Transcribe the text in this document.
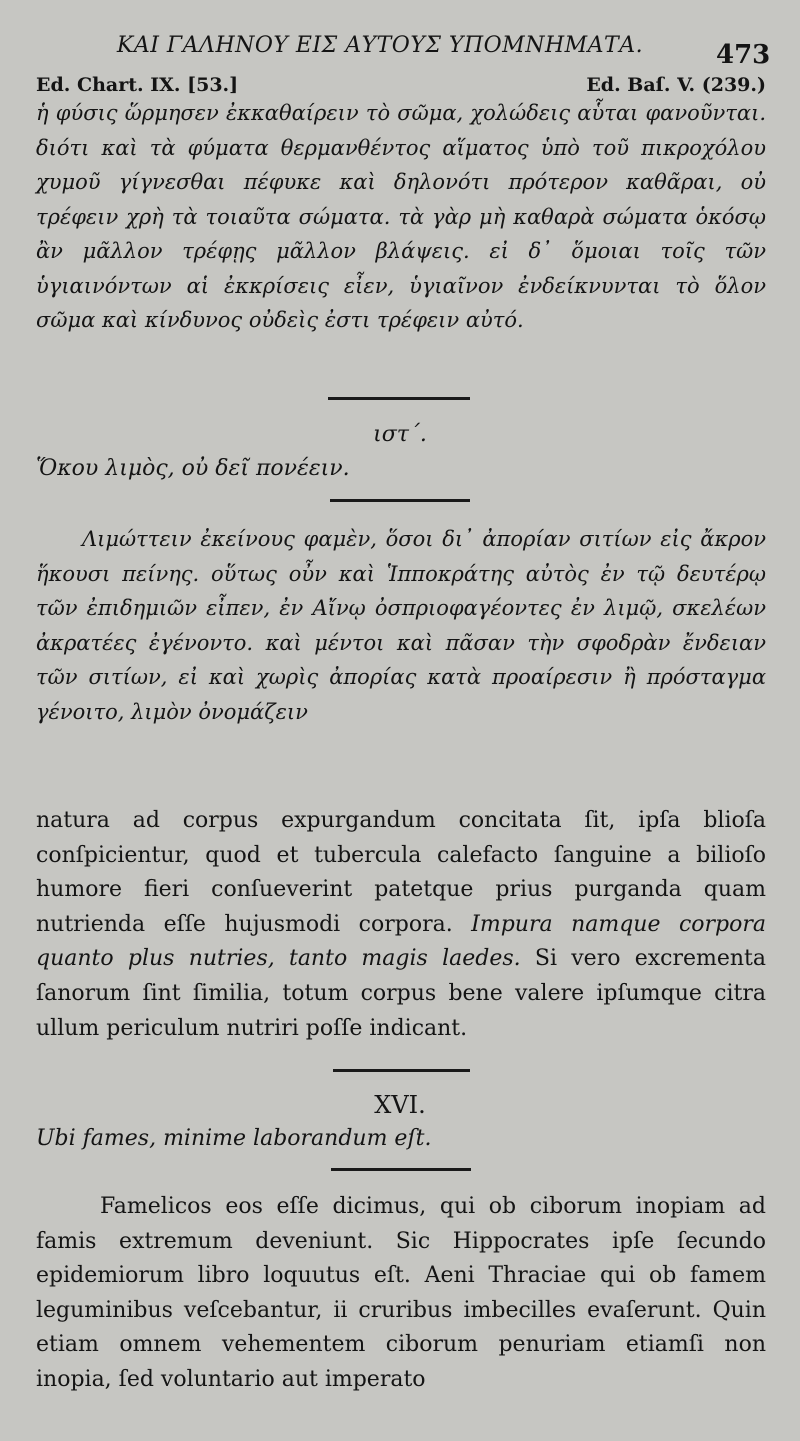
ΚΑΙ ΓΑΛΗΝΟΥ ΕΙΣ ΑΥΤΟΥΣ ΥΠΟΜΝΗΜΑΤΑ.	473
Ed. Chart. IX. [53.]	Ed. Baſ. V. (239.)
ἡ φύσις ὥρμησεν ἐκκαθαίρειν τὸ σῶμα, χολώδεις αὗται φανοῦνται. διότι καὶ τὰ φύματα θερμανθέντος αἵματος ὑπὸ τοῦ πικροχόλου χυμοῦ γίγνεσθαι πέφυκε καὶ δηλονότι πρότερον καθᾶραι, οὐ τρέφειν χρὴ τὰ τοιαῦτα σώματα. τὰ γὰρ μὴ καθαρὰ σώματα ὁκόσῳ ἂν μᾶλλον τρέφῃς μᾶλλον βλάψεις. εἰ δ᾽ ὅμοιαι τοῖς τῶν ὑγιαινόντων αἱ ἐκκρίσεις εἶεν, ὑγιαῖνον ἐνδείκνυνται τὸ ὅλον σῶμα καὶ κίνδυνος οὐδεὶς ἐστι τρέφειν αὐτό.
ιστ΄.
Ὅκου λιμὸς, οὐ δεῖ πονέειν.
Λιμώττειν ἐκείνους φαμὲν, ὅσοι δι᾽ ἀπορίαν σιτίων εἰς ἄκρον ἥκουσι πείνης. οὕτως οὖν καὶ Ἱπποκράτης αὐτὸς ἐν τῷ δευτέρῳ τῶν ἐπιδημιῶν εἶπεν, ἐν Αἴνῳ ὀσπριοφαγέοντες ἐν λιμῷ, σκελέων ἀκρατέες ἐγένοντο. καὶ μέντοι καὶ πᾶσαν τὴν σφοδρὰν ἔνδειαν τῶν σιτίων, εἰ καὶ χωρὶς ἀπορίας κατὰ προαίρεσιν ἢ πρόσταγμα γένοιτο, λιμὸν ὀνομάζειν
natura ad corpus expurgandum concitata ſit, ipſa blioſa conſpicientur, quod et tubercula calefacto ſanguine a bilioſo humore fieri conſueverint patetque prius purganda quam nutrienda eſſe hujusmodi corpora. Impura namque corpora quanto plus nutries, tanto magis laedes. Si vero excrementa ſanorum ſint ſimilia, totum corpus bene valere ipſumque citra ullum periculum nutriri poſſe indicant.
XVI.
Ubi fames, minime laborandum eſt.
Famelicos eos eſſe dicimus, qui ob ciborum inopiam ad famis extremum deveniunt. Sic Hippocrates ipſe ſecundo epidemiorum libro loquutus eſt. Aeni Thraciae qui ob famem leguminibus veſcebantur, ii cruribus imbecilles evaſerunt. Quin etiam omnem vehementem ciborum penuriam etiamſi non inopia, ſed voluntario aut imperato
